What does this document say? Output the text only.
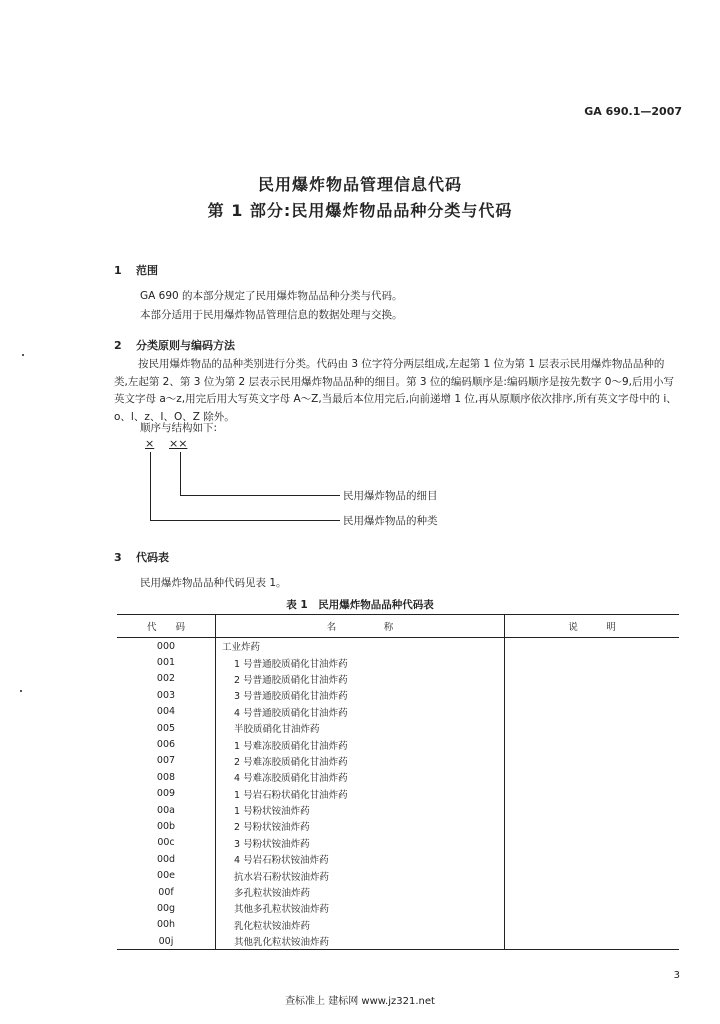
GA 690.1—2007
民用爆炸物品管理信息代码
第 1 部分:民用爆炸物品品种分类与代码
1 范围
GA 690 的本部分规定了民用爆炸物品品种分类与代码。
本部分适用于民用爆炸物品管理信息的数据处理与交换。
2 分类原则与编码方法
按民用爆炸物品的品种类别进行分类。代码由 3 位字符分两层组成,左起第 1 位为第 1 层表示民用爆炸物品品种的类,左起第 2、第 3 位为第 2 层表示民用爆炸物品品种的细目。第 3 位的编码顺序是:编码顺序是按先数字 0～9,后用小写英文字母 a～z,用完后用大写英文字母 A～Z,当最后本位用完后,向前递增 1 位,再从原顺序依次排序,所有英文字母中的 i、o、l、z、I、O、Z 除外。
顺序与结构如下:
× ××
民用爆炸物品的细目
民用爆炸物品的种类
3 代码表
民用爆炸物品品种代码见表 1。
表 1　民用爆炸物品品种代码表
代　　码	名　　　　　称	说　　　明
000	工业炸药	
001	1 号普通胶质硝化甘油炸药	
002	2 号普通胶质硝化甘油炸药	
003	3 号普通胶质硝化甘油炸药	
004	4 号普通胶质硝化甘油炸药	
005	半胶质硝化甘油炸药	
006	1 号难冻胶质硝化甘油炸药	
007	2 号难冻胶质硝化甘油炸药	
008	4 号难冻胶质硝化甘油炸药	
009	1 号岩石粉状硝化甘油炸药	
00a	1 号粉状铵油炸药	
00b	2 号粉状铵油炸药	
00c	3 号粉状铵油炸药	
00d	4 号岩石粉状铵油炸药	
00e	抗水岩石粉状铵油炸药	
00f	多孔粒状铵油炸药	
00g	其他多孔粒状铵油炸药	
00h	乳化粒状铵油炸药	
00j	其他乳化粒状铵油炸药	
3
查标准上 建标网 www.jz321.net
